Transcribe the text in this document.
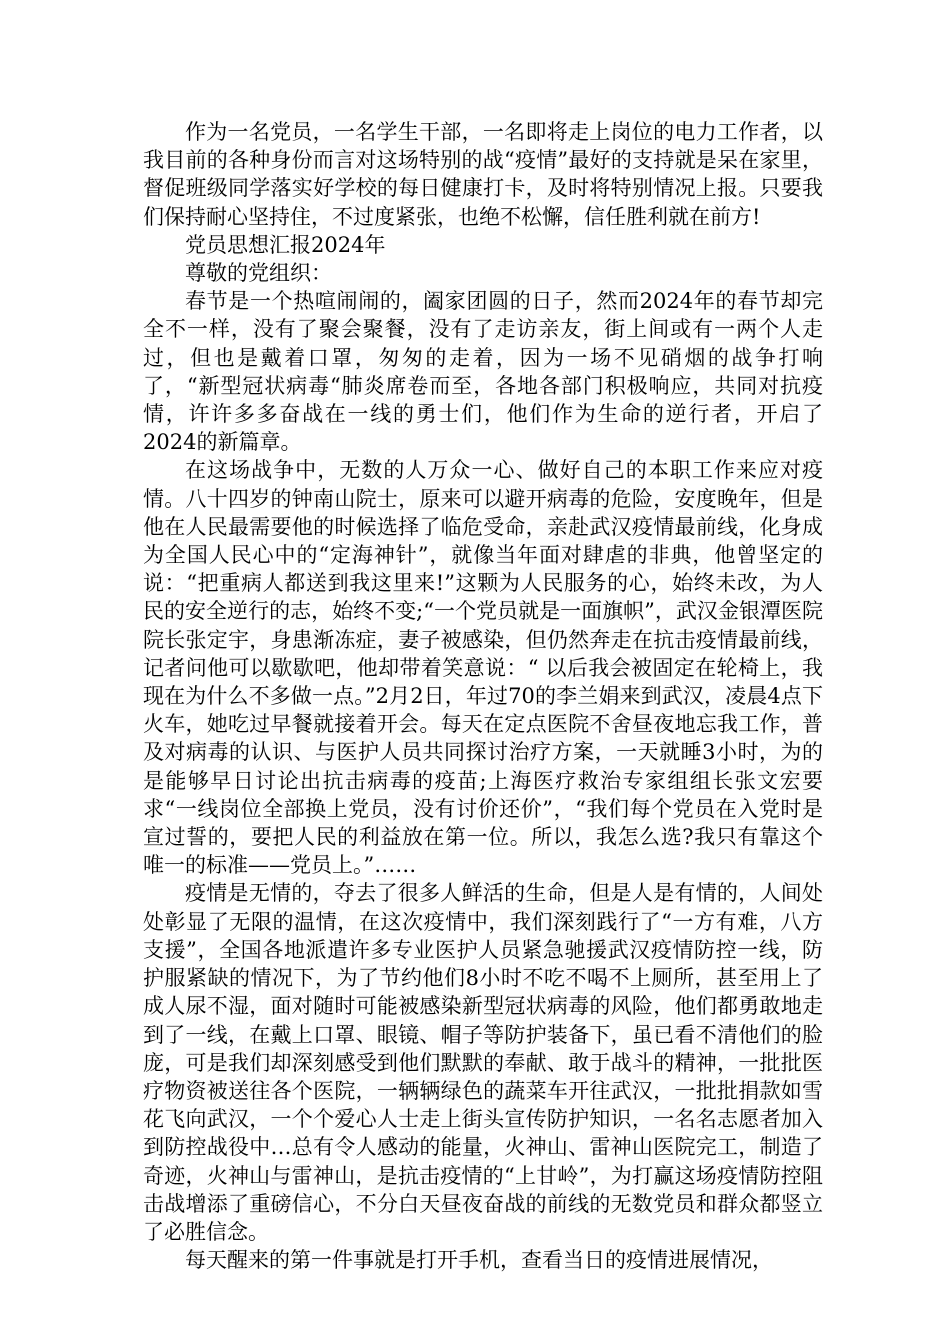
作为一名党员，一名学生干部，一名即将走上岗位的电力工作者，以我目前的各种身份而言对这场特别的战“疫情”最好的支持就是呆在家里，督促班级同学落实好学校的每日健康打卡，及时将特别情况上报。只要我们保持耐心坚持住，不过度紧张，也绝不松懈，信任胜利就在前方!

党员思想汇报2024年

尊敬的党组织：

春节是一个热喧闹闹的，阖家团圆的日子，然而2024年的春节却完全不一样，没有了聚会聚餐，没有了走访亲友，街上间或有一两个人走过，但也是戴着口罩，匆匆的走着，因为一场不见硝烟的战争打响了，“新型冠状病毒“肺炎席卷而至，各地各部门积极响应，共同对抗疫情，许许多多奋战在一线的勇士们，他们作为生命的逆行者，开启了2024的新篇章。

在这场战争中，无数的人万众一心、做好自己的本职工作来应对疫情。八十四岁的钟南山院士，原来可以避开病毒的危险，安度晚年，但是他在人民最需要他的时候选择了临危受命，亲赴武汉疫情最前线，化身成为全国人民心中的“定海神针”，就像当年面对肆虐的非典，他曾坚定的说：“把重病人都送到我这里来!”这颗为人民服务的心，始终未改，为人民的安全逆行的志，始终不变;“一个党员就是一面旗帜”，武汉金银潭医院院长张定宇，身患渐冻症，妻子被感染，但仍然奔走在抗击疫情最前线，记者问他可以歇歇吧，他却带着笑意说：“ 以后我会被固定在轮椅上，我现在为什么不多做一点。”2月2日，年过70的李兰娟来到武汉，凌晨4点下火车，她吃过早餐就接着开会。每天在定点医院不舍昼夜地忘我工作，普及对病毒的认识、与医护人员共同探讨治疗方案，一天就睡3小时，为的是能够早日讨论出抗击病毒的疫苗;上海医疗救治专家组组长张文宏要求“一线岗位全部换上党员，没有讨价还价”，“我们每个党员在入党时是宣过誓的，要把人民的利益放在第一位。所以，我怎么选?我只有靠这个唯一的标准——党员上。”……

疫情是无情的，夺去了很多人鲜活的生命，但是人是有情的，人间处处彰显了无限的温情，在这次疫情中，我们深刻践行了“一方有难，八方支援”，全国各地派遣许多专业医护人员紧急驰援武汉疫情防控一线，防护服紧缺的情况下，为了节约他们8小时不吃不喝不上厕所，甚至用上了成人尿不湿，面对随时可能被感染新型冠状病毒的风险，他们都勇敢地走到了一线，在戴上口罩、眼镜、帽子等防护装备下，虽已看不清他们的脸庞，可是我们却深刻感受到他们默默的奉献、敢于战斗的精神，一批批医疗物资被送往各个医院，一辆辆绿色的蔬菜车开往武汉，一批批捐款如雪花飞向武汉，一个个爱心人士走上街头宣传防护知识，一名名志愿者加入到防控战役中…总有令人感动的能量，火神山、雷神山医院完工，制造了奇迹，火神山与雷神山，是抗击疫情的“上甘岭”，为打赢这场疫情防控阻击战增添了重磅信心，不分白天昼夜奋战的前线的无数党员和群众都竖立了必胜信念。

每天醒来的第一件事就是打开手机，查看当日的疫情进展情况，
